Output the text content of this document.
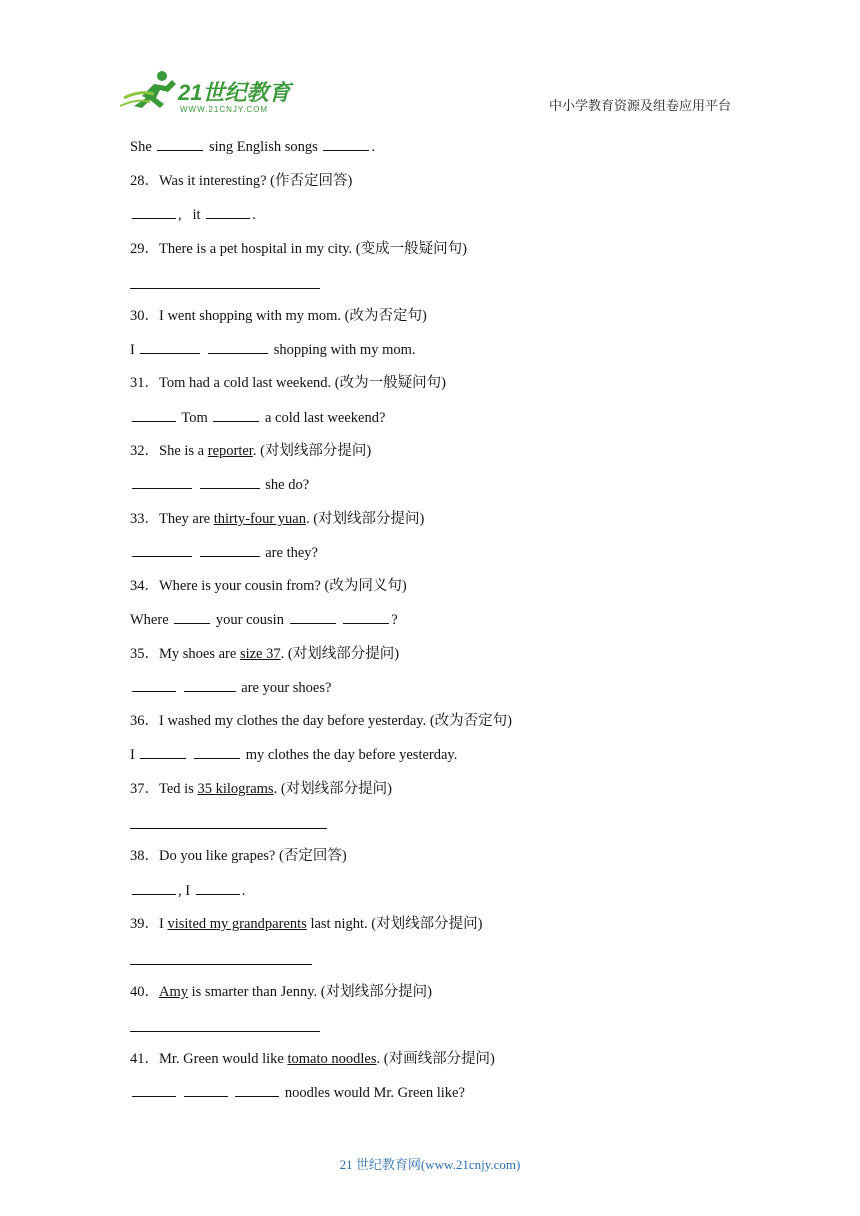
21世纪教育
WWW.21CNJY.COM	中小学教育资源及组卷应用平台
She	sing English songs	.
28．Was it interesting? (作否定回答)
, it	.
29．There is a pet hospital in my city. (变成一般疑问句)
30．I went shopping with my mom. (改为否定句)
I	shopping with my mom.
31．Tom had a cold last weekend. (改为一般疑问句)
Tom	a cold last weekend?
32．She is a reporter. (对划线部分提问)
she do?
33．They are thirty-four yuan. (对划线部分提问)
are they?
34．Where is your cousin from? (改为同义句)
Where	your cousin	?
35．My shoes are size 37. (对划线部分提问)
are your shoes?
36．I washed my clothes the day before yesterday. (改为否定句)
I	my clothes the day before yesterday.
37．Ted is 35 kilograms. (对划线部分提问)
38．Do you like grapes? (否定回答)
, I	.
39．I visited my grandparents last night. (对划线部分提问)
40．Amy is smarter than Jenny. (对划线部分提问)
41．Mr. Green would like tomato noodles. (对画线部分提问)
noodles would Mr. Green like?
21 世纪教育网(www.21cnjy.com)
